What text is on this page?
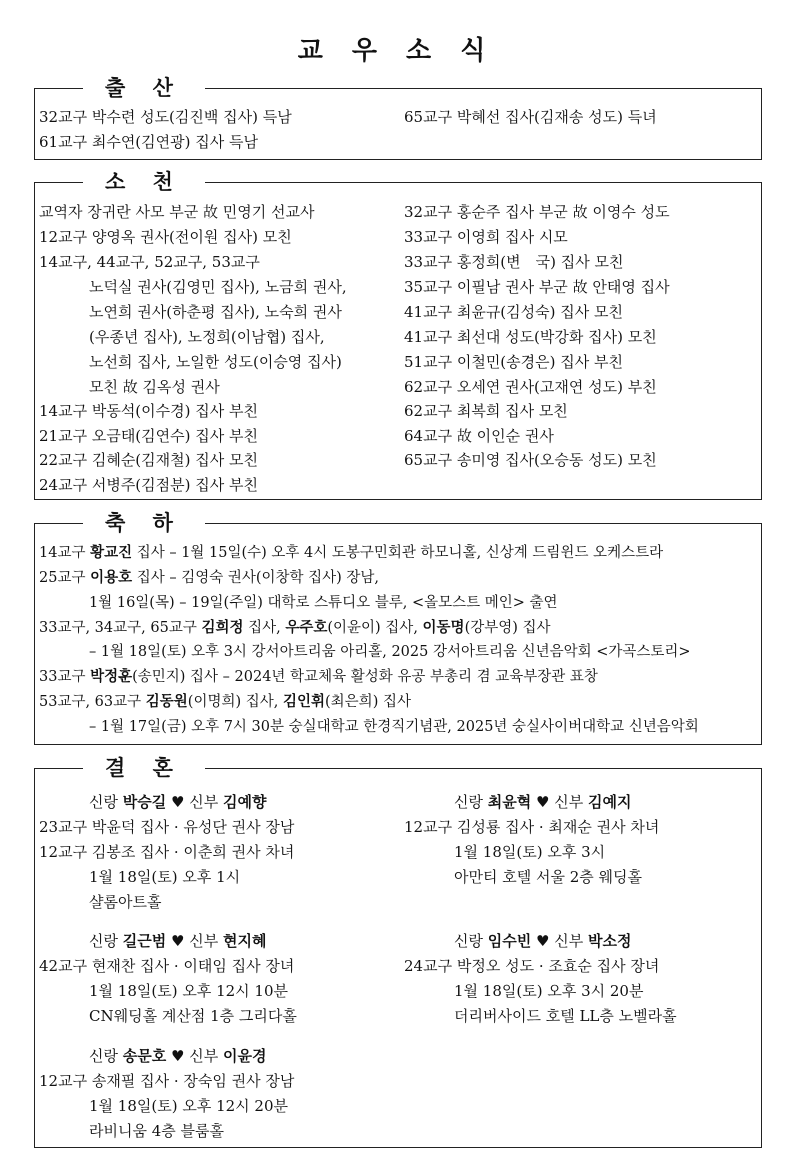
교 우 소 식
출 산
32교구 박수련 성도(김진백 집사) 득남
61교구 최수연(김연광) 집사 득남
65교구 박혜선 집사(김재송 성도) 득녀
소 천
교역자 장귀란 사모 부군 故 민영기 선교사
12교구 양영옥 권사(전이원 집사) 모친
14교구, 44교구, 52교구, 53교구
노덕실 권사(김영민 집사), 노금희 권사,
노연희 권사(하춘평 집사), 노숙희 권사
(우종년 집사), 노정희(이남협) 집사,
노선희 집사, 노일한 성도(이승영 집사)
모친 故 김옥성 권사
14교구 박동석(이수경) 집사 부친
21교구 오금태(김연수) 집사 부친
22교구 김혜순(김재철) 집사 모친
24교구 서병주(김점분) 집사 부친
32교구 홍순주 집사 부군 故 이영수 성도
33교구 이영희 집사 시모
33교구 홍정희(변　국) 집사 모친
35교구 이필남 권사 부군 故 안태영 집사
41교구 최윤규(김성숙) 집사 모친
41교구 최선대 성도(박강화 집사) 모친
51교구 이철민(송경은) 집사 부친
62교구 오세연 권사(고재연 성도) 부친
62교구 최복희 집사 모친
64교구 故 이인순 권사
65교구 송미영 집사(오승동 성도) 모친
축 하
14교구 황교진 집사 – 1월 15일(수) 오후 4시 도봉구민회관 하모니홀, 신상계 드림윈드 오케스트라
25교구 이용호 집사 – 김영숙 권사(이창학 집사) 장남,
1월 16일(목) – 19일(주일) 대학로 스튜디오 블루, <올모스트 메인> 출연
33교구, 34교구, 65교구 김희정 집사, 우주호(이윤이) 집사, 이동명(강부영) 집사
– 1월 18일(토) 오후 3시 강서아트리움 아리홀, 2025 강서아트리움 신년음악회 <가곡스토리>
33교구 박정훈(송민지) 집사 – 2024년 학교체육 활성화 유공 부총리 겸 교육부장관 표창
53교구, 63교구 김동원(이명희) 집사, 김인휘(최은희) 집사
– 1월 17일(금) 오후 7시 30분 숭실대학교 한경직기념관, 2025년 숭실사이버대학교 신년음악회
결 혼
신랑 박승길 ♥ 신부 김예향
23교구 박윤덕 집사 · 유성단 권사 장남
12교구 김봉조 집사 · 이춘희 권사 차녀
1월 18일(토) 오후 1시
샬롬아트홀
신랑 최윤혁 ♥ 신부 김예지
12교구 김성룡 집사 · 최재순 권사 차녀
1월 18일(토) 오후 3시
아만티 호텔 서울 2층 웨딩홀
신랑 길근범 ♥ 신부 현지혜
42교구 현재찬 집사 · 이태임 집사 장녀
1월 18일(토) 오후 12시 10분
CN웨딩홀 계산점 1층 그리다홀
신랑 임수빈 ♥ 신부 박소정
24교구 박정오 성도 · 조효순 집사 장녀
1월 18일(토) 오후 3시 20분
더리버사이드 호텔 LL층 노벨라홀
신랑 송문호 ♥ 신부 이윤경
12교구 송재필 집사 · 장숙임 권사 장남
1월 18일(토) 오후 12시 20분
라비니움 4층 블룸홀
